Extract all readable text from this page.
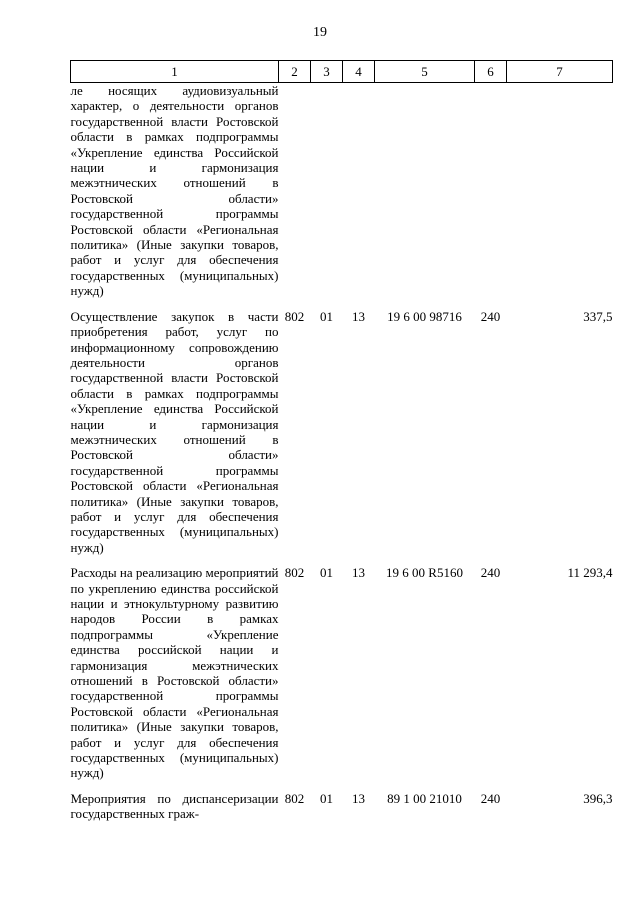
19
1	2	3	4	5	6	7
ле носящих аудиовизуальный характер, о деятельности органов государственной власти Ростовской области в рамках подпрограммы «Укрепление единства Российской нации и гармонизация межэтнических отношений в Ростовской области» государственной программы Ростовской области «Региональная политика» (Иные закупки товаров, работ и услуг для обеспечения государственных (муниципальных) нужд)						

Осуществление закупок в части приобретения работ, услуг по информационному сопровождению деятельности органов государственной власти Ростовской области в рамках подпрограммы «Укрепление единства Российской нации и гармонизация межэтнических отношений в Ростовской области» государственной программы Ростовской области «Региональная политика» (Иные закупки товаров, работ и услуг для обеспечения государственных (муниципальных) нужд)	802	01	13	19 6 00 98716	240	337,5

Расходы на реализацию мероприятий по укреплению единства российской нации и этнокультурному развитию народов России в рамках подпрограммы «Укрепление единства российской нации и гармонизация межэтнических отношений в Ростовской области» государственной программы Ростовской области «Региональная политика» (Иные закупки товаров, работ и услуг для обеспечения государственных (муниципальных) нужд)	802	01	13	19 6 00 R5160	240	11 293,4

Мероприятия по диспансеризации государственных граж-	802	01	13	89 1 00 21010	240	396,3
